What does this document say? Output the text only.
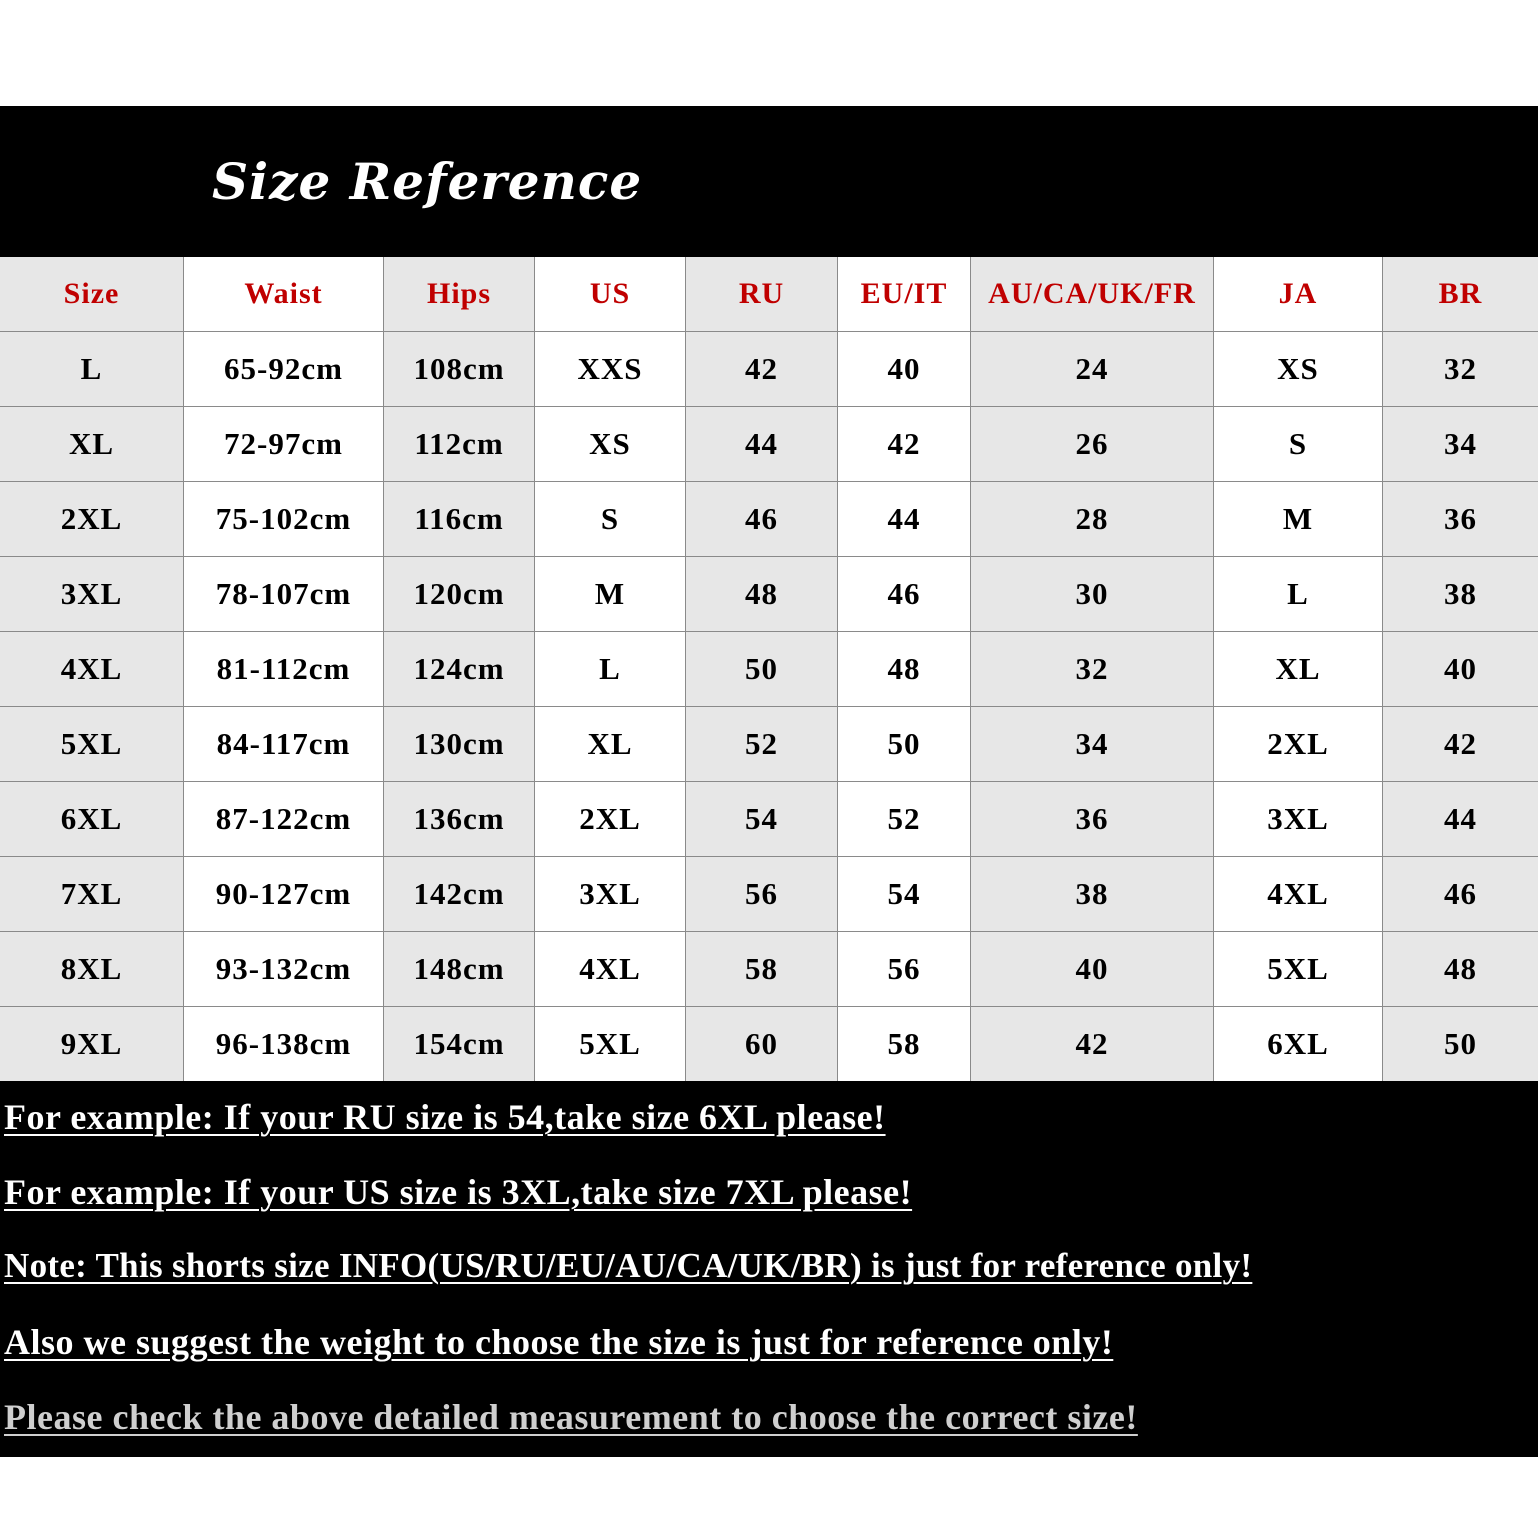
Size Reference
Size	Waist	Hips	US	RU	EU/IT	AU/CA/UK/FR	JA	BR
L	65-92cm	108cm	XXS	42	40	24	XS	32
XL	72-97cm	112cm	XS	44	42	26	S	34
2XL	75-102cm	116cm	S	46	44	28	M	36
3XL	78-107cm	120cm	M	48	46	30	L	38
4XL	81-112cm	124cm	L	50	48	32	XL	40
5XL	84-117cm	130cm	XL	52	50	34	2XL	42
6XL	87-122cm	136cm	2XL	54	52	36	3XL	44
7XL	90-127cm	142cm	3XL	56	54	38	4XL	46
8XL	93-132cm	148cm	4XL	58	56	40	5XL	48
9XL	96-138cm	154cm	5XL	60	58	42	6XL	50
For example: If your RU size is 54,take size 6XL please!
For example: If your US size is 3XL,take size 7XL please!
Note: This shorts size INFO(US/RU/EU/AU/CA/UK/BR) is just for reference only!
Also we suggest the weight to choose the size is just for reference only!
Please check the above detailed measurement to choose the correct size!
